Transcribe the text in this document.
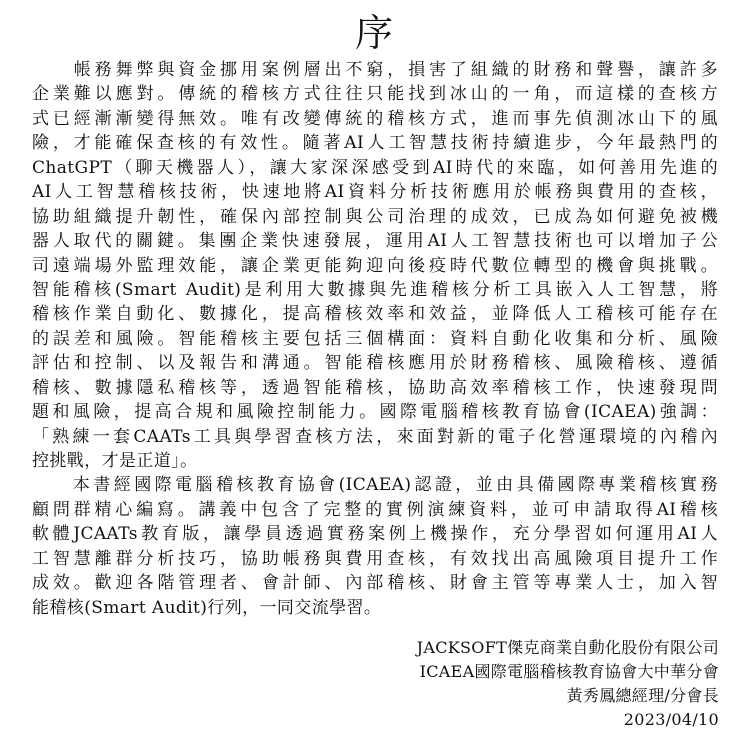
序
　　帳務舞弊與資金挪用案例層出不窮，損害了組織的財務和聲譽，讓許多
企業難以應對。傳統的稽核方式往往只能找到冰山的一角，而這樣的查核方
式已經漸漸變得無效。唯有改變傳統的稽核方式，進而事先偵測冰山下的風
險，才能確保查核的有效性。隨著AI人工智慧技術持續進步，今年最熱門的
ChatGPT（聊天機器人），讓大家深深感受到AI時代的來臨，如何善用先進的
AI人工智慧稽核技術，快速地將AI資料分析技術應用於帳務與費用的查核，
協助組織提升韌性，確保內部控制與公司治理的成效，已成為如何避免被機
器人取代的關鍵。集團企業快速發展，運用AI人工智慧技術也可以增加子公
司遠端場外監理效能，讓企業更能夠迎向後疫時代數位轉型的機會與挑戰。
智能稽核(Smart Audit)是利用大數據與先進稽核分析工具嵌入人工智慧，將
稽核作業自動化、數據化，提高稽核效率和效益，並降低人工稽核可能存在
的誤差和風險。智能稽核主要包括三個構面：資料自動化收集和分析、風險
評估和控制、以及報告和溝通。智能稽核應用於財務稽核、風險稽核、遵循
稽核、數據隱私稽核等，透過智能稽核，協助高效率稽核工作，快速發現問
題和風險，提高合規和風險控制能力。國際電腦稽核教育協會(ICAEA)強調：
「熟練一套CAATs工具與學習查核方法，來面對新的電子化營運環境的內稽內
控挑戰，才是正道」。
　　本書經國際電腦稽核教育協會(ICAEA)認證，並由具備國際專業稽核實務
顧問群精心編寫。講義中包含了完整的實例演練資料，並可申請取得AI稽核
軟體JCAATs教育版，讓學員透過實務案例上機操作，充分學習如何運用AI人
工智慧離群分析技巧，協助帳務與費用查核，有效找出高風險項目提升工作
成效。歡迎各階管理者、會計師、內部稽核、財會主管等專業人士，加入智
能稽核(Smart Audit)行列，一同交流學習。
JACKSOFT傑克商業自動化股份有限公司
ICAEA國際電腦稽核教育協會大中華分會
黃秀鳳總經理/分會長
2023/04/10
